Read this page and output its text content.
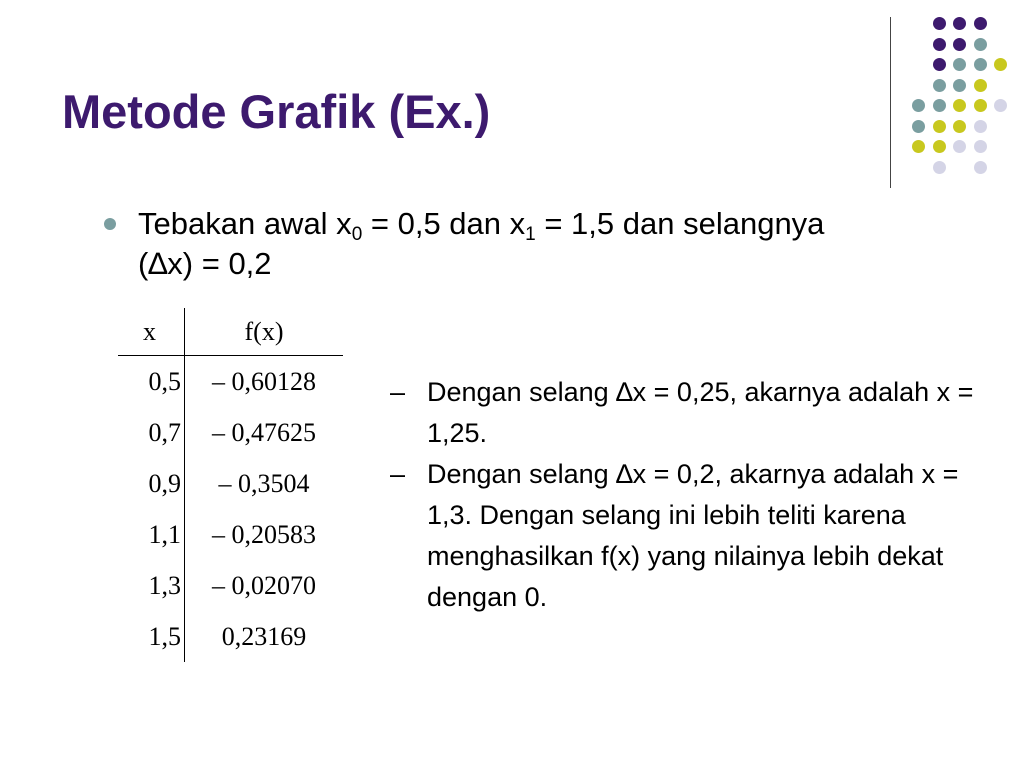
Metode Grafik (Ex.)
Tebakan awal $x_0 = 0,5$ dan $x_1 = 1,5$ dan selangnya (∆x) = 0,2
x	f(x)
0,5	– 0,60128
0,7	– 0,47625
0,9	– 0,3504
1,1	– 0,20583
1,3	– 0,02070
1,5	0,23169
– Dengan selang ∆x = 0,25, akarnya adalah x = 1,25.
– Dengan selang ∆x = 0,2, akarnya adalah x = 1,3. Dengan selang ini lebih teliti karena menghasilkan f(x) yang nilainya lebih dekat dengan 0.
